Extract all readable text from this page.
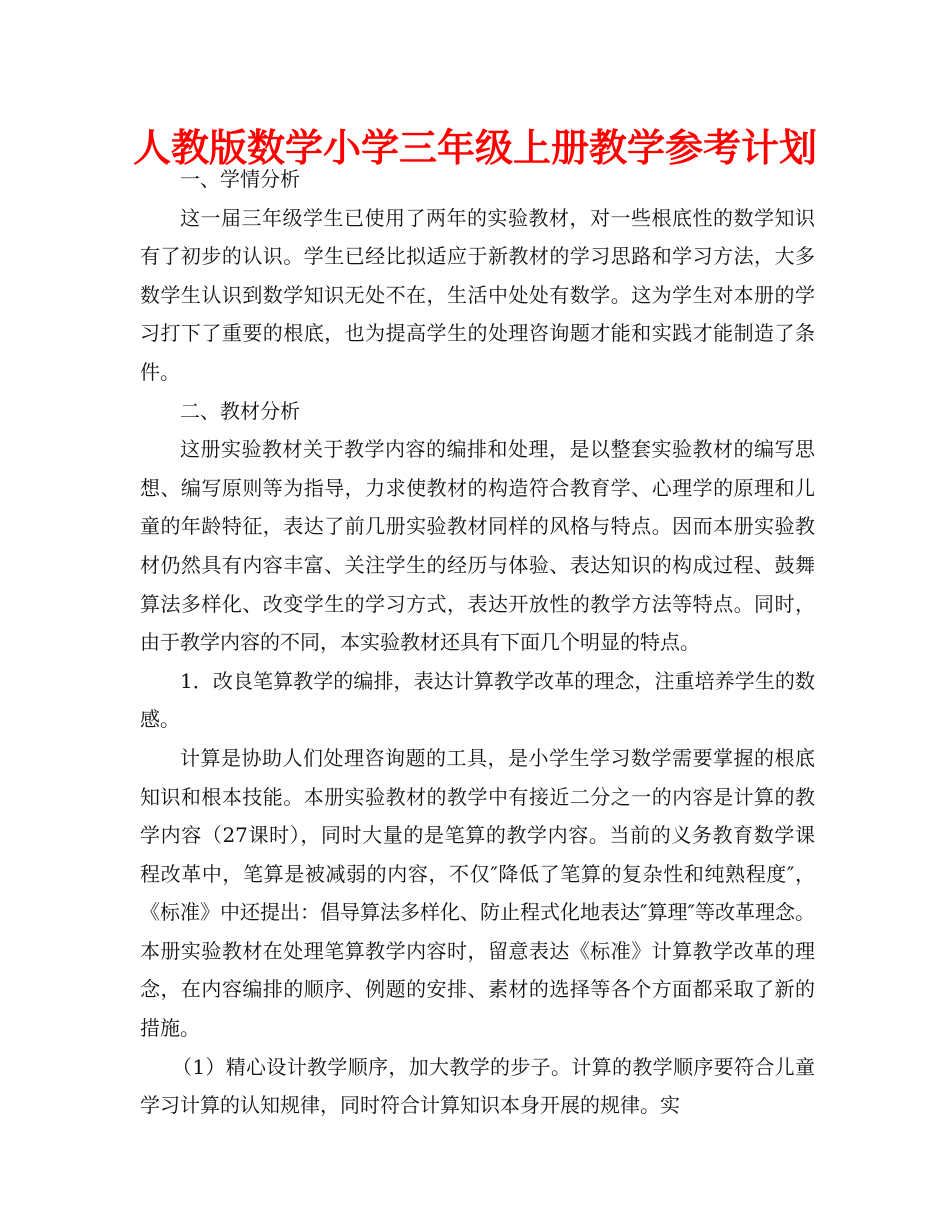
人教版数学小学三年级上册教学参考计划

一、学情分析

这一届三年级学生已使用了两年的实验教材，对一些根底性的数学知识有了初步的认识。学生已经比拟适应于新教材的学习思路和学习方法，大多数学生认识到数学知识无处不在，生活中处处有数学。这为学生对本册的学习打下了重要的根底，也为提高学生的处理咨询题才能和实践才能制造了条件。

二、教材分析

这册实验教材关于教学内容的编排和处理，是以整套实验教材的编写思想、编写原则等为指导，力求使教材的构造符合教育学、心理学的原理和儿童的年龄特征，表达了前几册实验教材同样的风格与特点。因而本册实验教材仍然具有内容丰富、关注学生的经历与体验、表达知识的构成过程、鼓舞算法多样化、改变学生的学习方式，表达开放性的教学方法等特点。同时，由于教学内容的不同，本实验教材还具有下面几个明显的特点。

1．改良笔算教学的编排，表达计算教学改革的理念，注重培养学生的数感。

计算是协助人们处理咨询题的工具，是小学生学习数学需要掌握的根底知识和根本技能。本册实验教材的教学中有接近二分之一的内容是计算的教学内容（27课时），同时大量的是笔算的教学内容。当前的义务教育数学课程改革中，笔算是被减弱的内容，不仅″降低了笔算的复杂性和纯熟程度″，《标准》中还提出：倡导算法多样化、防止程式化地表达″算理″等改革理念。本册实验教材在处理笔算教学内容时，留意表达《标准》计算教学改革的理念，在内容编排的顺序、例题的安排、素材的选择等各个方面都采取了新的措施。

（1）精心设计教学顺序，加大教学的步子。计算的教学顺序要符合儿童学习计算的认知规律，同时符合计算知识本身开展的规律。实
